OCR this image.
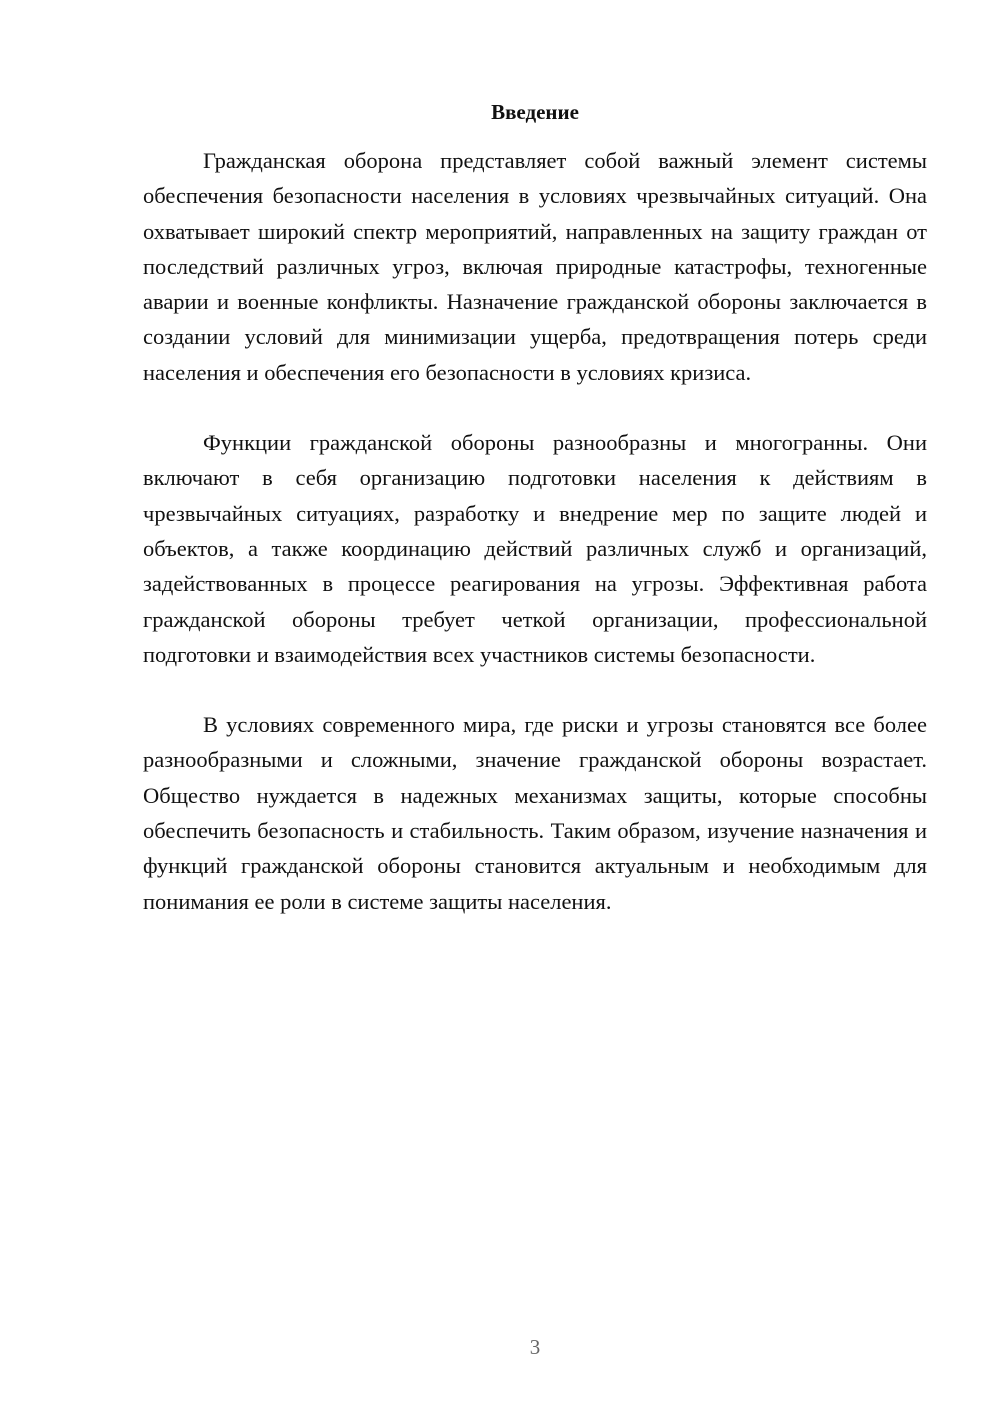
Введение

Гражданская оборона представляет собой важный элемент системы обеспечения безопасности населения в условиях чрезвычайных ситуаций. Она охватывает широкий спектр мероприятий, направленных на защиту граждан от последствий различных угроз, включая природные катастрофы, техногенные аварии и военные конфликты. Назначение гражданской обороны заключается в создании условий для минимизации ущерба, предотвращения потерь среди населения и обеспечения его безопасности в условиях кризиса.

Функции гражданской обороны разнообразны и многогранны. Они включают в себя организацию подготовки населения к действиям в чрезвычайных ситуациях, разработку и внедрение мер по защите людей и объектов, а также координацию действий различных служб и организаций, задействованных в процессе реагирования на угрозы. Эффективная работа гражданской обороны требует четкой организации, профессиональной подготовки и взаимодействия всех участников системы безопасности.

В условиях современного мира, где риски и угрозы становятся все более разнообразными и сложными, значение гражданской обороны возрастает. Общество нуждается в надежных механизмах защиты, которые способны обеспечить безопасность и стабильность. Таким образом, изучение назначения и функций гражданской обороны становится актуальным и необходимым для понимания ее роли в системе защиты населения.

3
